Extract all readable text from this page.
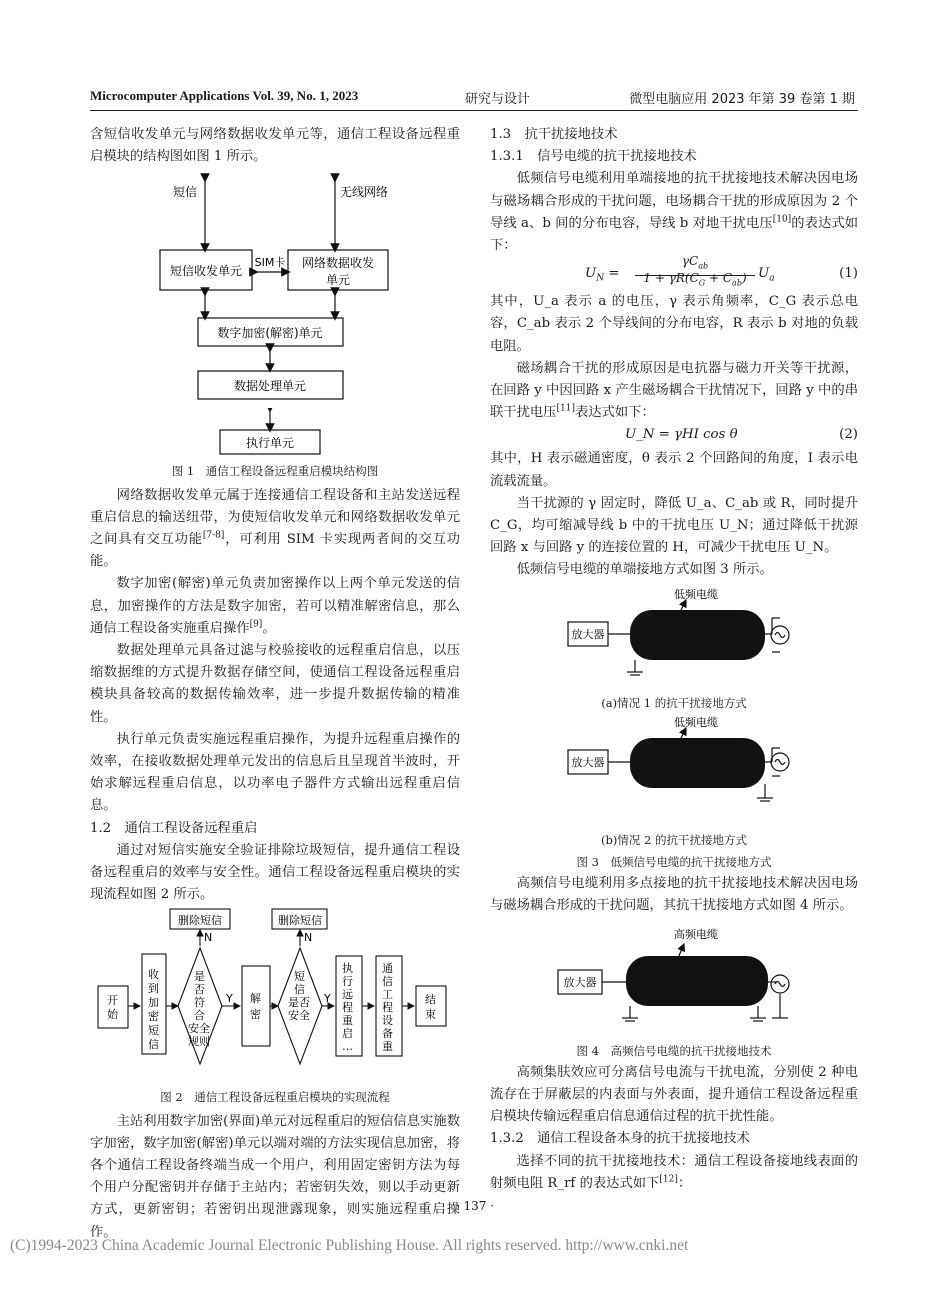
Microcomputer Applications Vol. 39, No. 1, 2023	研究与设计	微型电脑应用 2023 年第 39 卷第 1 期

含短信收发单元与网络数据收发单元等，通信工程设备远程重启模块的结构图如图 1 所示。

短信	无线网络
短信收发单元
SIM卡 网络数据收发
单元
数字加密(解密)单元
数据处理单元
执行单元
图 1　通信工程设备远程重启模块结构图

网络数据收发单元属于连接通信工程设备和主站发送远程重启信息的输送纽带，为使短信收发单元和网络数据收发单元之间具有交互功能[7-8]，可利用 SIM 卡实现两者间的交互功能。

数字加密(解密)单元负责加密操作以上两个单元发送的信息，加密操作的方法是数字加密，若可以精准解密信息，那么通信工程设备实施重启操作[9]。

数据处理单元具备过滤与校验接收的远程重启信息，以压缩数据维的方式提升数据存储空间，使通信工程设备远程重启模块具备较高的数据传输效率，进一步提升数据传输的精准性。

执行单元负责实施远程重启操作，为提升远程重启操作的效率，在接收数据处理单元发出的信息后且呈现首半波时，开始求解远程重启信息，以功率电子器件方式输出远程重启信息。

1.2　通信工程设备远程重启

通过对短信实施安全验证排除垃圾短信，提升通信工程设备远程重启的效率与安全性。通信工程设备远程重启模块的实现流程如图 2 所示。

删除短信	删除短信
N	N
Y	Y
开始
收到加密短信
是否符合安全规则
解密
短信是否安全
执行远程重启…
通信工程设备重
结束
图 2　通信工程设备远程重启模块的实现流程

主站利用数字加密(界面)单元对远程重启的短信信息实施数字加密，数字加密(解密)单元以端对端的方法实现信息加密，将各个通信工程设备终端当成一个用户，利用固定密钥方法为每个用户分配密钥并存储于主站内；若密钥失效，则以手动更新方式，更新密钥；若密钥出现泄露现象，则实施远程重启操作。

1.3　抗干扰接地技术

1.3.1　信号电缆的抗干扰接地技术

低频信号电缆利用单端接地的抗干扰接地技术解决因电场与磁场耦合形成的干扰问题，电场耦合干扰的形成原因为 2 个导线 a、b 间的分布电容，导线 b 对地干扰电压[10]的表达式如下：

$U_N$ =
$\gamma C_{ab}$
$1 + \gamma R(C_G + C_{ab})$ $U_a$	(1)

其中，U_a 表示 a 的电压，γ 表示角频率，C_G 表示总电容，C_ab 表示 2 个导线间的分布电容，R 表示 b 对地的负载电阻。

磁场耦合干扰的形成原因是电抗器与磁力开关等干扰源，在回路 y 中因回路 x 产生磁场耦合干扰情况下，回路 y 中的串联干扰电压[11]表达式如下：

U_N = γHI cos θ	(2)

其中，H 表示磁通密度，θ 表示 2 个回路间的角度，I 表示电流载流量。

当干扰源的 γ 固定时，降低 U_a、C_ab 或 R，同时提升 C_G，均可缩减导线 b 中的干扰电压 U_N；通过降低干扰源回路 x 与回路 y 的连接位置的 H，可减少干扰电压 U_N。

低频信号电缆的单端接地方式如图 3 所示。

低频电缆
放大器
(a)情况 1 的抗干扰接地方式
低频电缆
放大器
(b)情况 2 的抗干扰接地方式
图 3　低频信号电缆的抗干扰接地方式

高频信号电缆利用多点接地的抗干扰接地技术解决因电场与磁场耦合形成的干扰问题，其抗干扰接地方式如图 4 所示。

高频电缆
放大器
图 4　高频信号电缆的抗干扰接地技术

高频集肤效应可分离信号电流与干扰电流，分别使 2 种电流存在于屏蔽层的内表面与外表面，提升通信工程设备远程重启模块传输远程重启信息通信过程的抗干扰性能。

1.3.2　通信工程设备本身的抗干扰接地技术

选择不同的抗干扰接地技术：通信工程设备接地线表面的射频电阻 R_rf 的表达式如下[12]：

· 137 ·
(C)1994-2023 China Academic Journal Electronic Publishing House. All rights reserved. http://www.cnki.net
